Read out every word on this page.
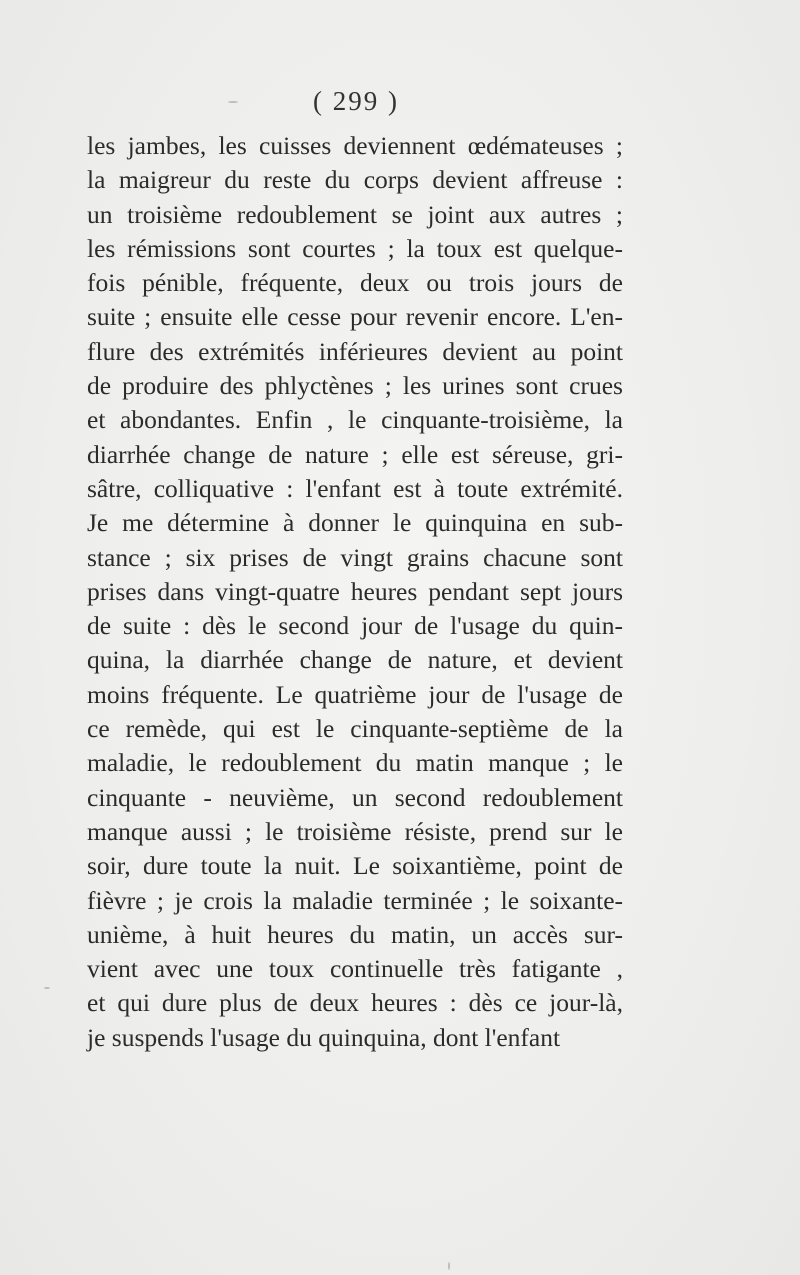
( 299 )
les jambes, les cuisses deviennent œdémateuses ;
la maigreur du reste du corps devient affreuse :
un troisième redoublement se joint aux autres ;
les rémissions sont courtes ; la toux est quelque-
fois pénible, fréquente, deux ou trois jours de
suite ; ensuite elle cesse pour revenir encore. L'en-
flure des extrémités inférieures devient au point
de produire des phlyctènes ; les urines sont crues
et abondantes. Enfin , le cinquante-troisième, la
diarrhée change de nature ; elle est séreuse, gri-
sâtre, colliquative : l'enfant est à toute extrémité.
Je me détermine à donner le quinquina en sub-
stance ; six prises de vingt grains chacune sont
prises dans vingt-quatre heures pendant sept jours
de suite : dès le second jour de l'usage du quin-
quina, la diarrhée change de nature, et devient
moins fréquente. Le quatrième jour de l'usage de
ce remède, qui est le cinquante-septième de la
maladie, le redoublement du matin manque ; le
cinquante - neuvième, un second redoublement
manque aussi ; le troisième résiste, prend sur le
soir, dure toute la nuit. Le soixantième, point de
fièvre ; je crois la maladie terminée ; le soixante-
unième, à huit heures du matin, un accès sur-
vient avec une toux continuelle très fatigante ,
et qui dure plus de deux heures : dès ce jour-là,
je suspends l'usage du quinquina, dont l'enfant
